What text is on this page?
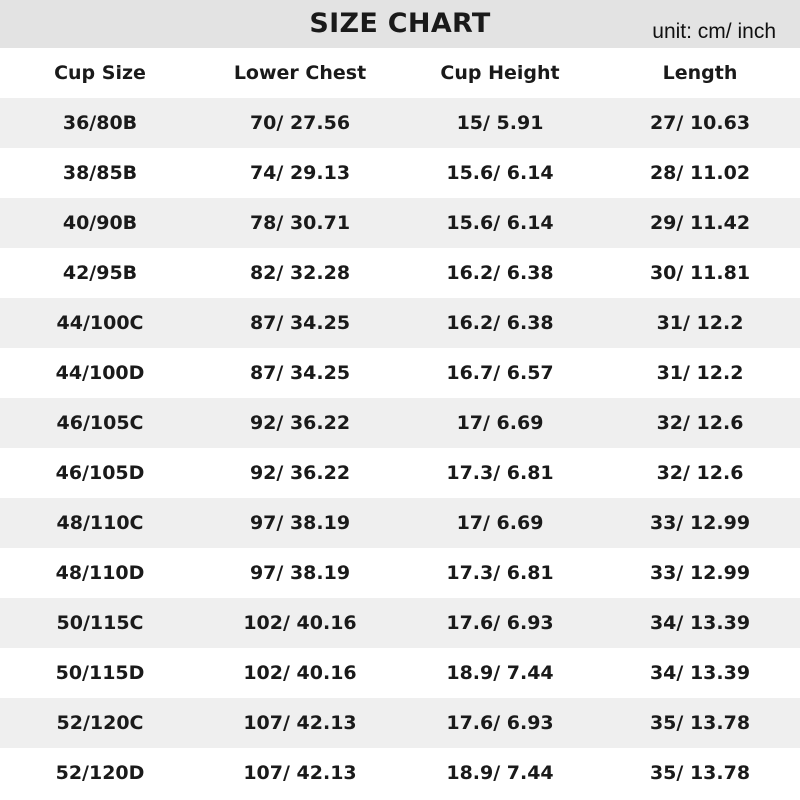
SIZE CHART	unit: cm/ inch
Cup Size	Lower Chest	Cup Height	Length
36/80B	70/ 27.56	15/ 5.91	27/ 10.63
38/85B	74/ 29.13	15.6/ 6.14	28/ 11.02
40/90B	78/ 30.71	15.6/ 6.14	29/ 11.42
42/95B	82/ 32.28	16.2/ 6.38	30/ 11.81
44/100C	87/ 34.25	16.2/ 6.38	31/ 12.2
44/100D	87/ 34.25	16.7/ 6.57	31/ 12.2
46/105C	92/ 36.22	17/ 6.69	32/ 12.6
46/105D	92/ 36.22	17.3/ 6.81	32/ 12.6
48/110C	97/ 38.19	17/ 6.69	33/ 12.99
48/110D	97/ 38.19	17.3/ 6.81	33/ 12.99
50/115C	102/ 40.16	17.6/ 6.93	34/ 13.39
50/115D	102/ 40.16	18.9/ 7.44	34/ 13.39
52/120C	107/ 42.13	17.6/ 6.93	35/ 13.78
52/120D	107/ 42.13	18.9/ 7.44	35/ 13.78
